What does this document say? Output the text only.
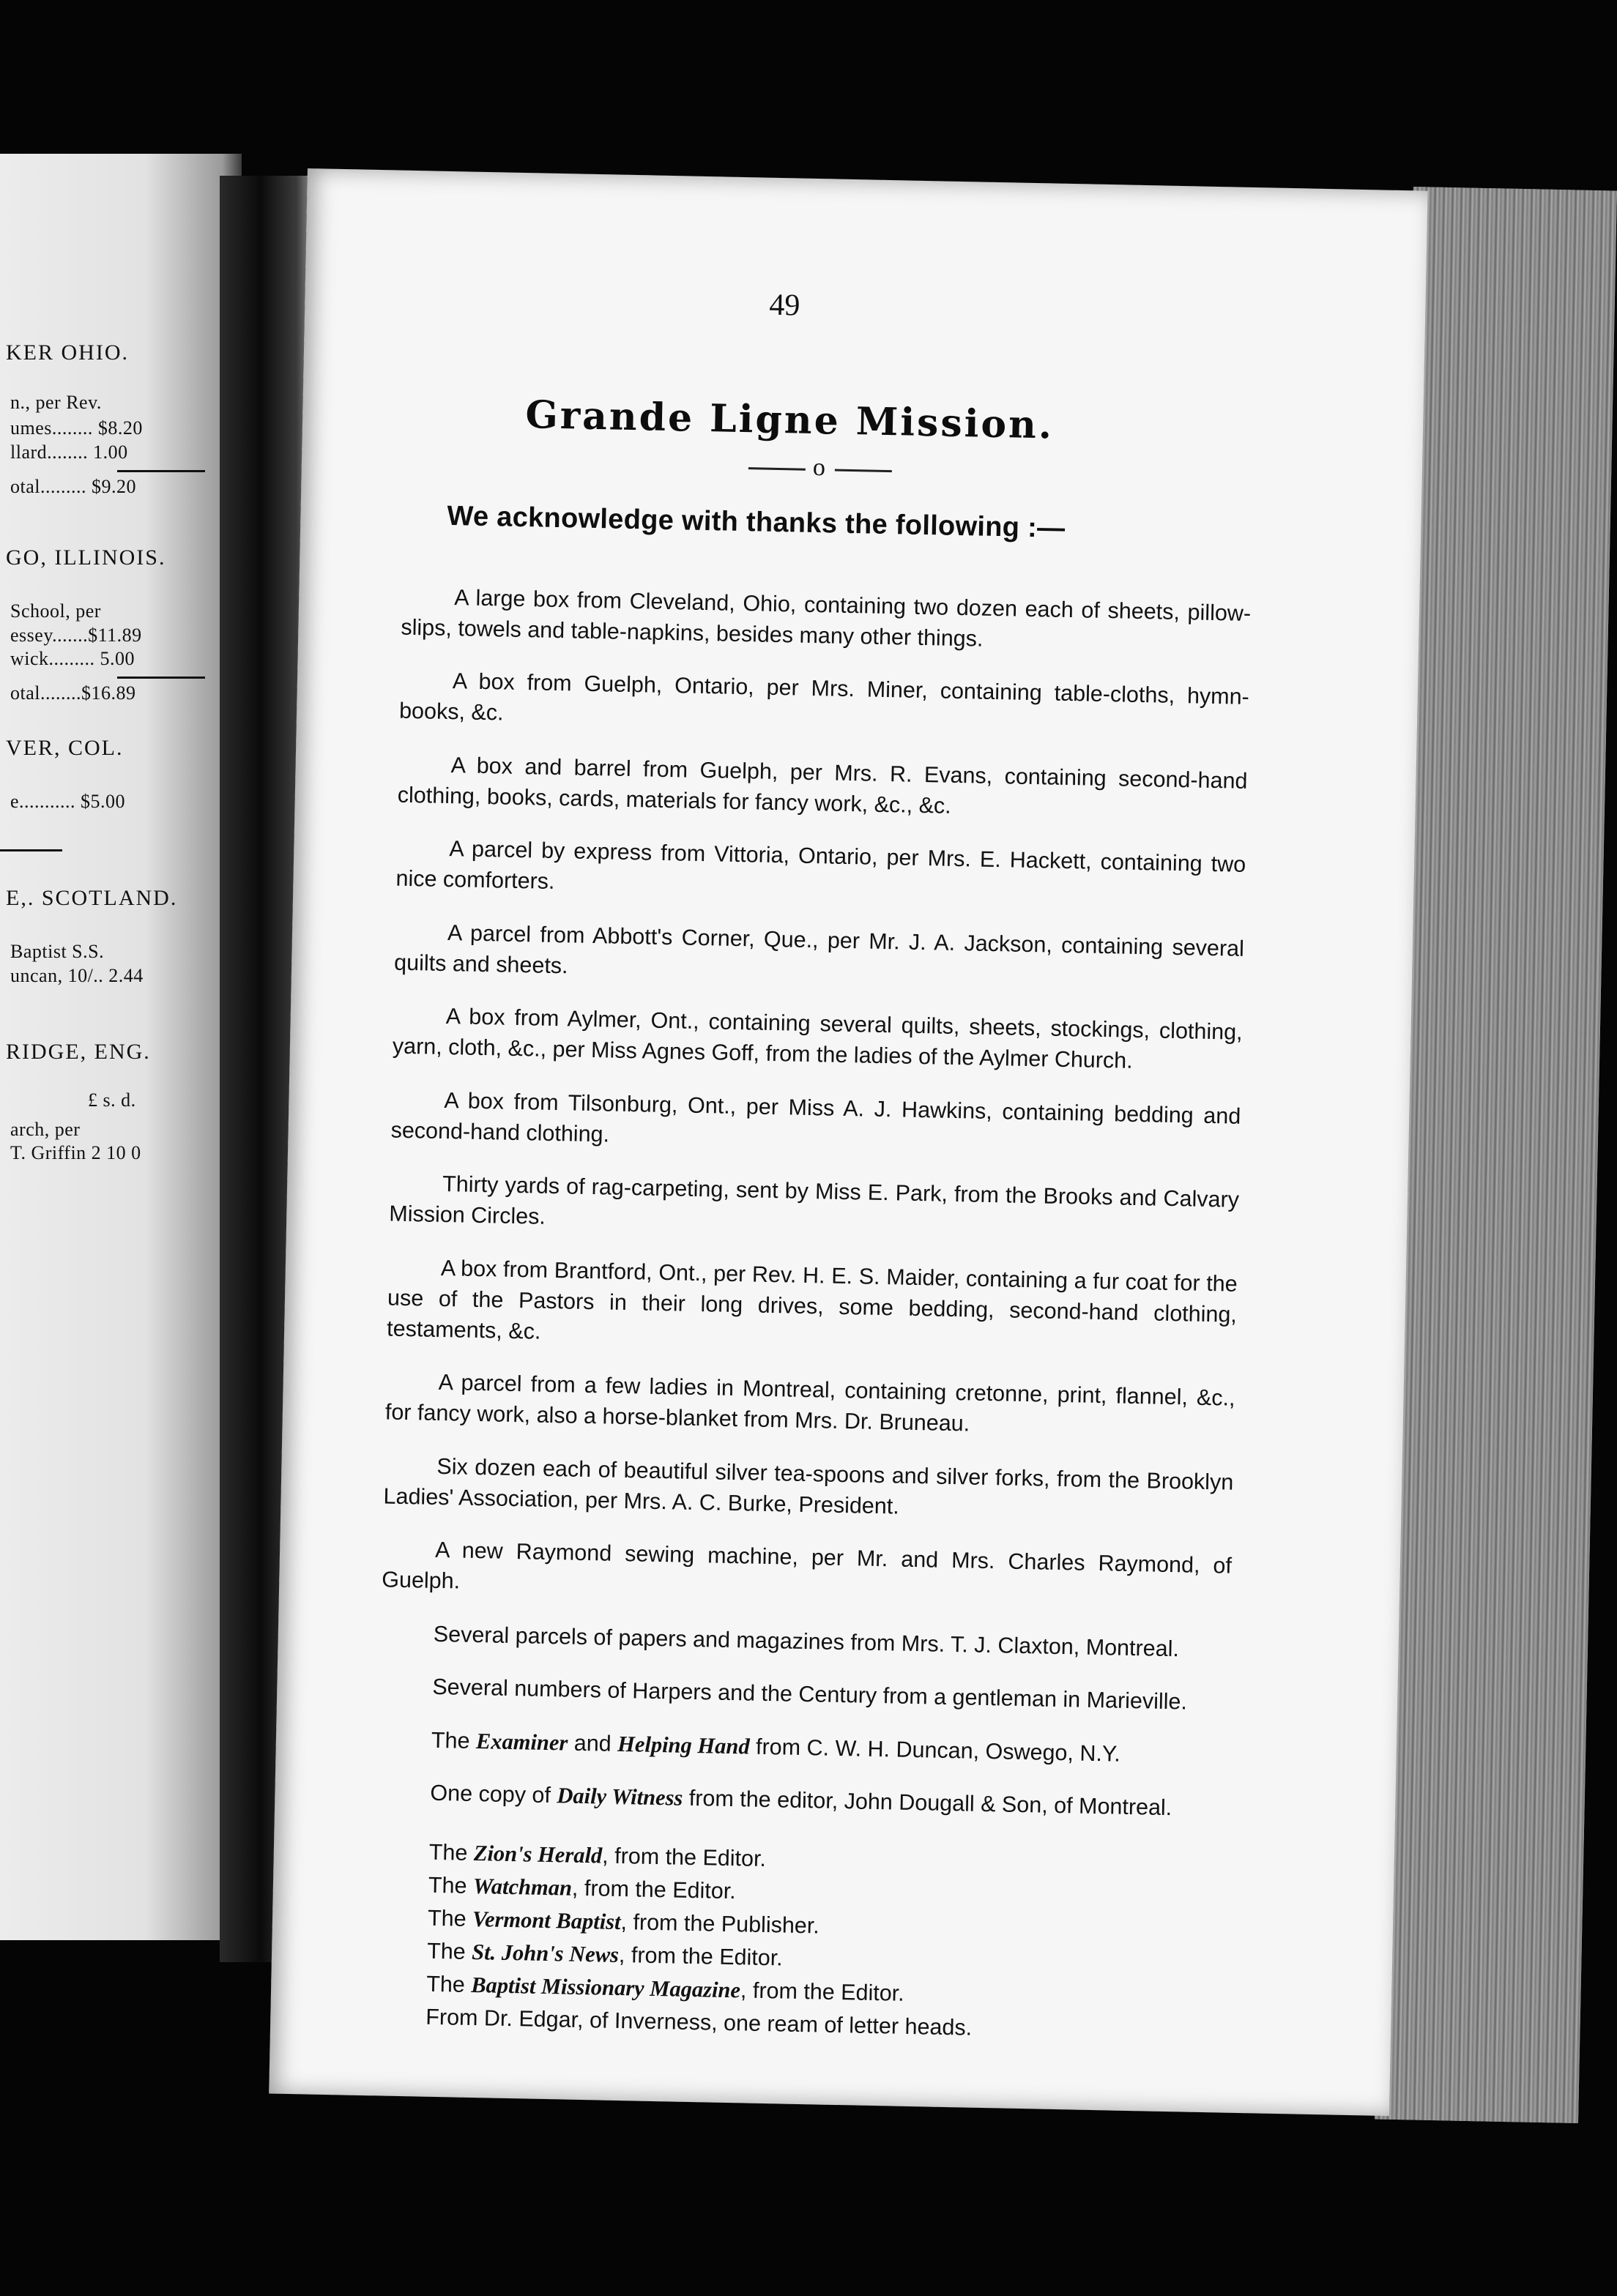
KER OHIO.
n., per Rev.
umes........ $8.20
llard........ 1.00
otal......... $9.20
GO, ILLINOIS.
School, per
essey.......$11.89
wick......... 5.00
otal........$16.89
VER, COL.
e........... $5.00
E,. SCOTLAND.
Baptist S.S.
uncan, 10/.. 2.44
RIDGE, ENG.
£ s. d.
arch, per
T. Griffin 2 10 0
49
Grande Ligne Mission.
o
We acknowledge with thanks the following :—

A large box from Cleveland, Ohio, containing two dozen each of sheets, pillow-slips, towels and table-napkins, besides many other things.

A box from Guelph, Ontario, per Mrs. Miner, containing table-cloths, hymn-books, &c.

A box and barrel from Guelph, per Mrs. R. Evans, containing second-hand clothing, books, cards, materials for fancy work, &c., &c.

A parcel by express from Vittoria, Ontario, per Mrs. E. Hackett, containing two nice comforters.

A parcel from Abbott's Corner, Que., per Mr. J. A. Jackson, containing several quilts and sheets.

A box from Aylmer, Ont., containing several quilts, sheets, stockings, clothing, yarn, cloth, &c., per Miss Agnes Goff, from the ladies of the Aylmer Church.

A box from Tilsonburg, Ont., per Miss A. J. Hawkins, containing bedding and second-hand clothing.

Thirty yards of rag-carpeting, sent by Miss E. Park, from the Brooks and Calvary Mission Circles.

A box from Brantford, Ont., per Rev. H. E. S. Maider, containing a fur coat for the use of the Pastors in their long drives, some bedding, second-hand clothing, testaments, &c.

A parcel from a few ladies in Montreal, containing cretonne, print, flannel, &c., for fancy work, also a horse-blanket from Mrs. Dr. Bruneau.

Six dozen each of beautiful silver tea-spoons and silver forks, from the Brooklyn Ladies' Association, per Mrs. A. C. Burke, President.

A new Raymond sewing machine, per Mr. and Mrs. Charles Raymond, of Guelph.

Several parcels of papers and magazines from Mrs. T. J. Claxton, Montreal.

Several numbers of Harpers and the Century from a gentleman in Marieville.

The Examiner and Helping Hand from C. W. H. Duncan, Oswego, N.Y.

One copy of Daily Witness from the editor, John Dougall & Son, of Montreal.

The Zion's Herald, from the Editor.
The Watchman, from the Editor.
The Vermont Baptist, from the Publisher.
The St. John's News, from the Editor.
The Baptist Missionary Magazine, from the Editor.
From Dr. Edgar, of Inverness, one ream of letter heads.
